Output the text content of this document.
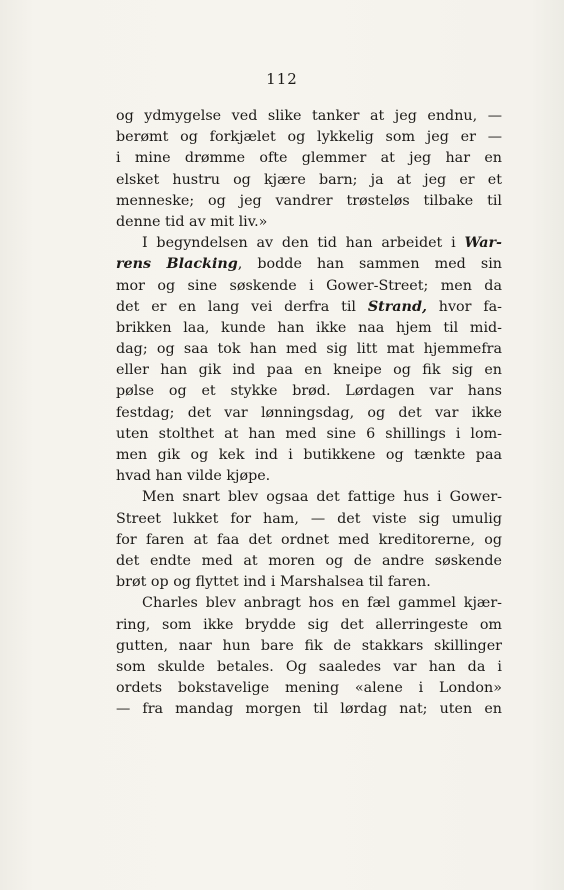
112
og ydmygelse ved slike tanker at jeg endnu, —
berømt og forkjælet og lykkelig som jeg er —
i mine drømme ofte glemmer at jeg har en
elsket hustru og kjære barn; ja at jeg er et
menneske; og jeg vandrer trøsteløs tilbake til
denne tid av mit liv.»
I begyndelsen av den tid han arbeidet i War-
rens Blacking, bodde han sammen med sin
mor og sine søskende i Gower-Street; men da
det er en lang vei derfra til Strand, hvor fa-
brikken laa, kunde han ikke naa hjem til mid-
dag; og saa tok han med sig litt mat hjemmefra
eller han gik ind paa en kneipe og fik sig en
pølse og et stykke brød. Lørdagen var hans
festdag; det var lønningsdag, og det var ikke
uten stolthet at han med sine 6 shillings i lom-
men gik og kek ind i butikkene og tænkte paa
hvad han vilde kjøpe.
Men snart blev ogsaa det fattige hus i Gower-
Street lukket for ham, — det viste sig umulig
for faren at faa det ordnet med kreditorerne, og
det endte med at moren og de andre søskende
brøt op og flyttet ind i Marshalsea til faren.
Charles blev anbragt hos en fæl gammel kjær-
ring, som ikke brydde sig det allerringeste om
gutten, naar hun bare fik de stakkars skillinger
som skulde betales. Og saaledes var han da i
ordets bokstavelige mening «alene i London»
— fra mandag morgen til lørdag nat; uten en
